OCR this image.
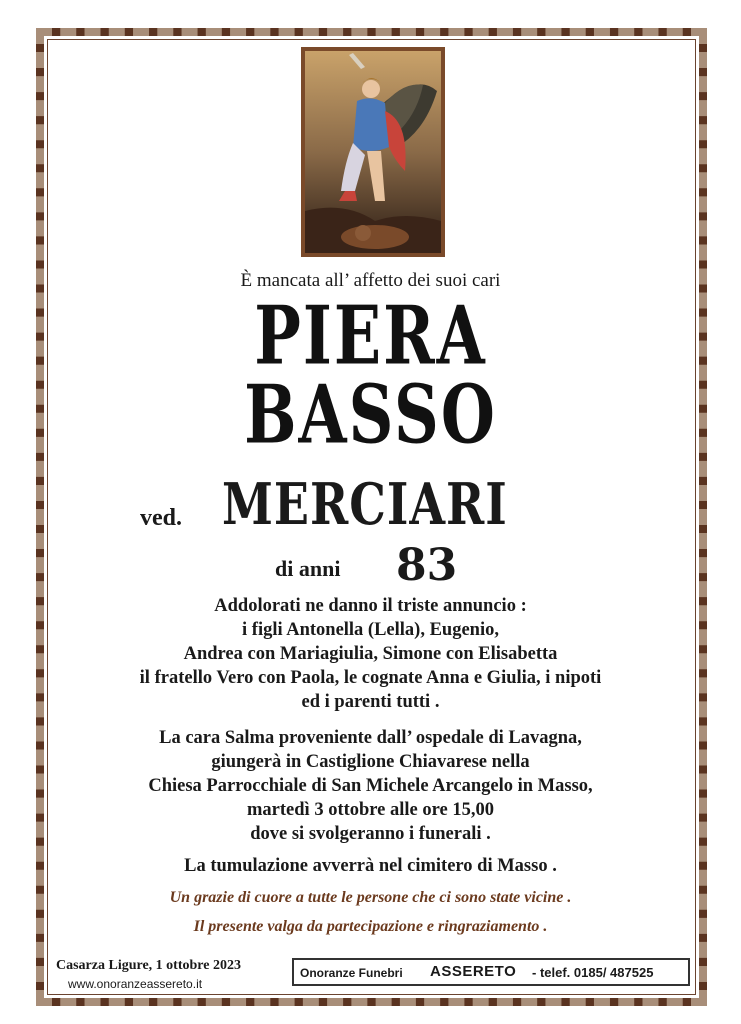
È mancata all’ affetto dei suoi cari
PIERA
BASSO
ved. MERCIARI
di anni 83
Addolorati ne danno il triste annuncio :
i figli Antonella (Lella), Eugenio,
Andrea con Mariagiulia, Simone con Elisabetta
il fratello Vero con Paola, le cognate Anna e Giulia, i nipoti
ed i parenti tutti .
La cara Salma proveniente dall’ ospedale di Lavagna,
giungerà in Castiglione Chiavarese nella
Chiesa Parrocchiale di San Michele Arcangelo in Masso,
martedì 3 ottobre alle ore 15,00
dove si svolgeranno i funerali .
La tumulazione avverrà nel cimitero di Masso .
Un grazie di cuore a tutte le persone che ci sono state vicine .
Il presente valga da partecipazione e ringraziamento .
Casarza Ligure, 1 ottobre 2023
www.onoranzeassereto.it
Onoranze Funebri ASSERETO - telef. 0185/ 487525
